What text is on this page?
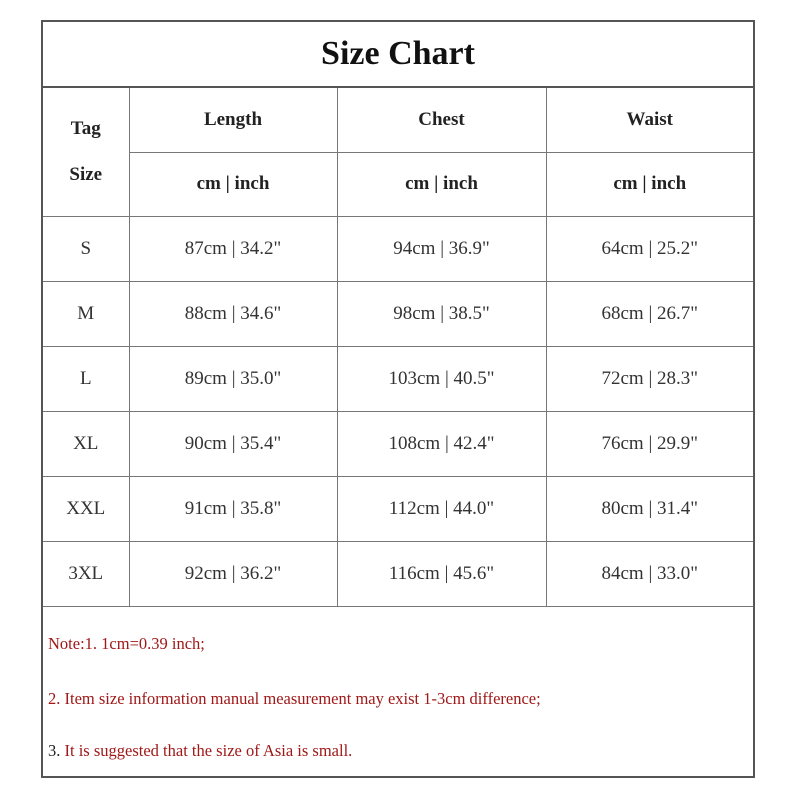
Size Chart
Tag
Size	Length	Chest	Waist
	cm | inch	cm | inch	cm | inch
S	87cm | 34.2"	94cm | 36.9"	64cm | 25.2"
M	88cm | 34.6"	98cm | 38.5"	68cm | 26.7"
L	89cm | 35.0"	103cm | 40.5"	72cm | 28.3"
XL	90cm | 35.4"	108cm | 42.4"	76cm | 29.9"
XXL	91cm | 35.8"	112cm | 44.0"	80cm | 31.4"
3XL	92cm | 36.2"	116cm | 45.6"	84cm | 33.0"
Note:1. 1cm=0.39 inch;
2. Item size information manual measurement may exist 1-3cm difference;
3. It is suggested that the size of Asia is small.
